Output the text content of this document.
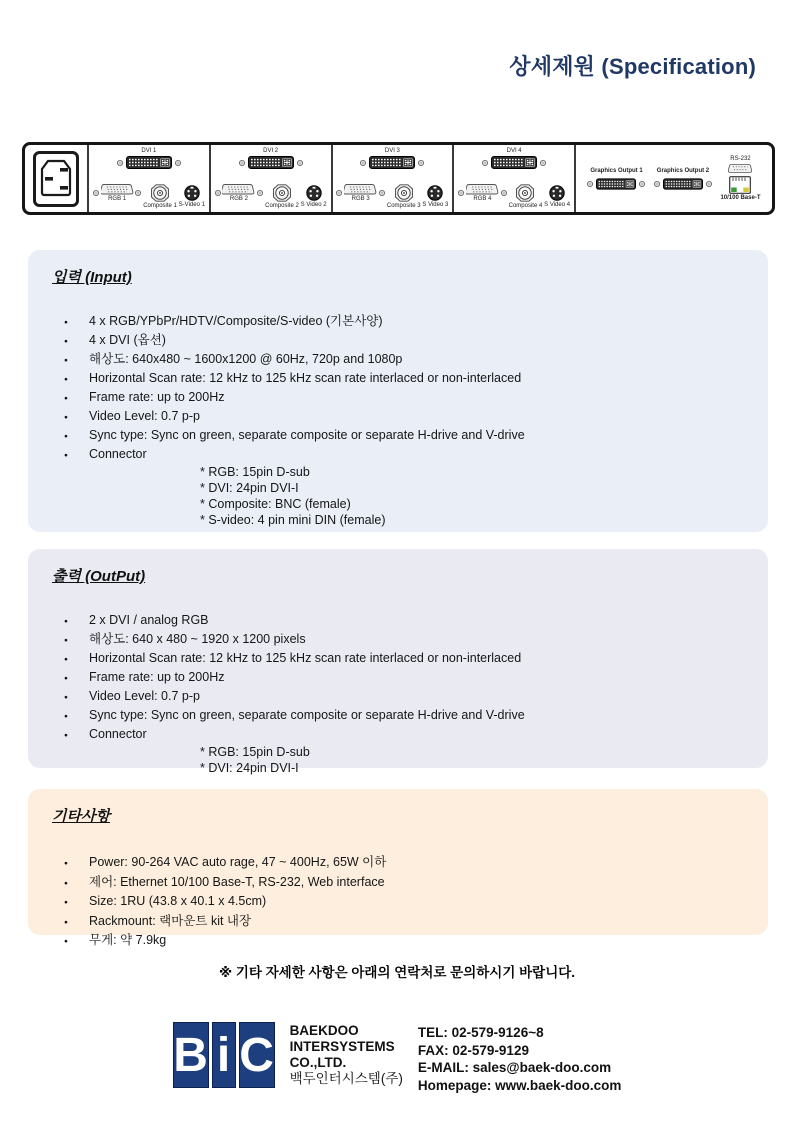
상세제원 (Specification)
DVI 1
RGB 1
Composite 1 S-Video 1
DVI 2
RGB 2
Composite 2 S Video 2
DVI 3
RGB 3
Composite 3 S Video 3
DVI 4
RGB 4
Composite 4 S Video 4
Graphics Output 1 Graphics Output 2
RS-232
10/100 Base-T
입력 (Input)
● 4 x RGB/YPbPr/HDTV/Composite/S-video (기본사양)
● 4 x DVI (옵션)
● 해상도: 640x480 ~ 1600x1200 @ 60Hz, 720p and 1080p
● Horizontal Scan rate: 12 kHz to 125 kHz scan rate interlaced or non-interlaced
● Frame rate: up to 200Hz
● Video Level: 0.7 p-p
● Sync type: Sync on green, separate composite or separate H-drive and V-drive
● Connector
* RGB: 15pin D-sub
* DVI: 24pin DVI-I
* Composite: BNC (female)
* S-video: 4 pin mini DIN (female)
출력 (OutPut)
● 2 x DVI / analog RGB
● 해상도: 640 x 480 ~ 1920 x 1200 pixels
● Horizontal Scan rate: 12 kHz to 125 kHz scan rate interlaced or non-interlaced
● Frame rate: up to 200Hz
● Video Level: 0.7 p-p
● Sync type: Sync on green, separate composite or separate H-drive and V-drive
● Connector
* RGB: 15pin D-sub
* DVI: 24pin DVI-I
기타사항
● Power: 90-264 VAC auto rage, 47 ~ 400Hz, 65W 이하
● 제어: Ethernet 10/100 Base-T, RS-232, Web interface
● Size: 1RU (43.8 x 40.1 x 4.5cm)
● Rackmount: 랙마운트 kit 내장
● 무게: 약 7.9kg
※ 기타 자세한 사항은 아래의 연락처로 문의하시기 바랍니다.
B i C BAEKDOO
INTERSYSTEMS
CO.,LTD.
백두인터시스템(주)
TEL: 02-579-9126~8
FAX: 02-579-9129
E-MAIL: sales@baek-doo.com
Homepage: www.baek-doo.com
